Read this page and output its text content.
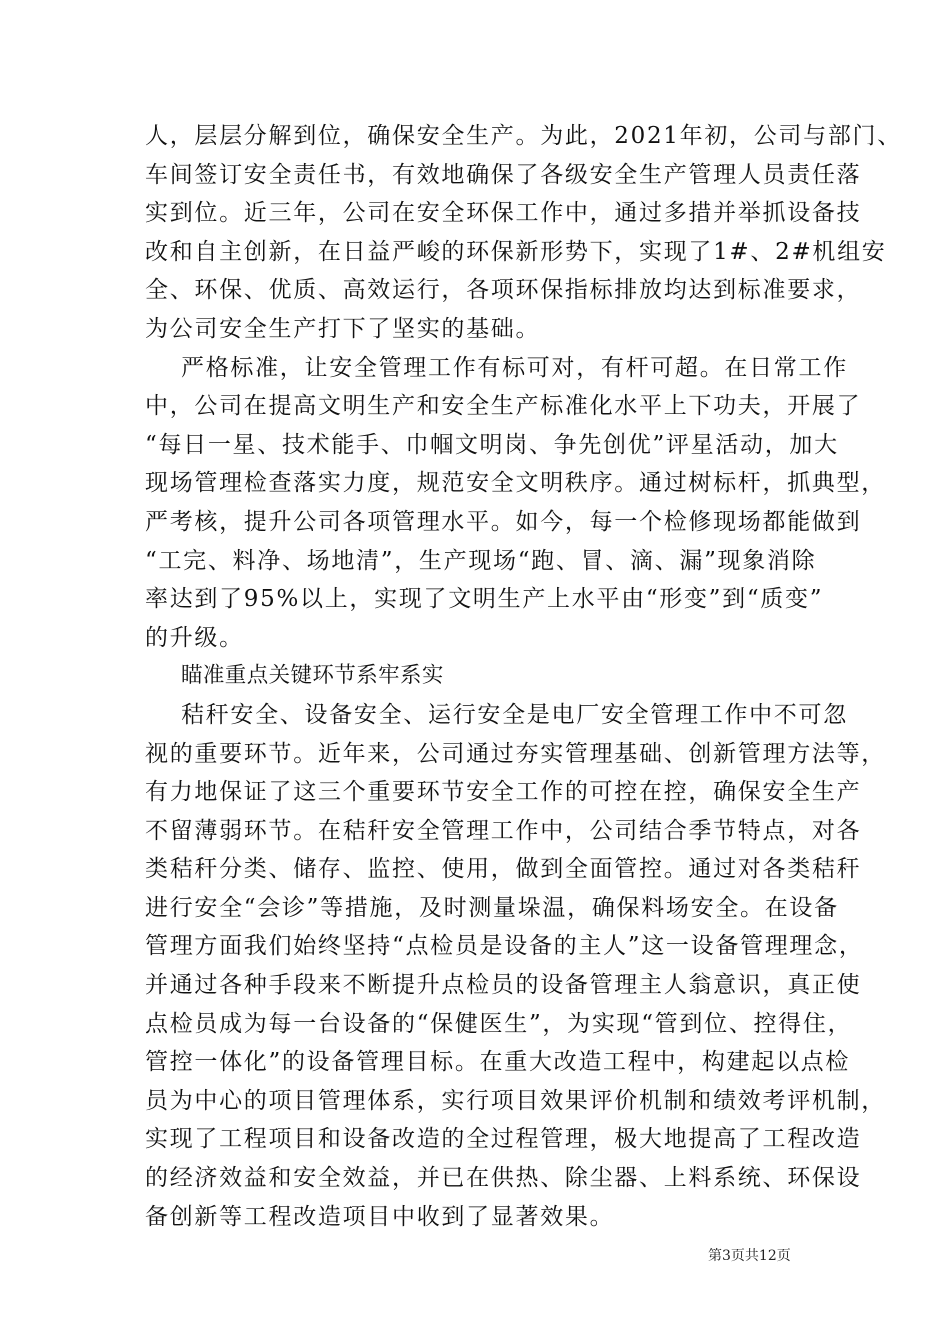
人，层层分解到位，确保安全生产。为此，2021年初，公司与部门、
车间签订安全责任书，有效地确保了各级安全生产管理人员责任落
实到位。近三年，公司在安全环保工作中，通过多措并举抓设备技
改和自主创新，在日益严峻的环保新形势下，实现了1#、2#机组安
全、环保、优质、高效运行，各项环保指标排放均达到标准要求，
为公司安全生产打下了坚实的基础。
严格标准，让安全管理工作有标可对，有杆可超。在日常工作
中，公司在提高文明生产和安全生产标准化水平上下功夫，开展了
“每日一星、技术能手、巾帼文明岗、争先创优”评星活动，加大
现场管理检查落实力度，规范安全文明秩序。通过树标杆，抓典型，
严考核，提升公司各项管理水平。如今，每一个检修现场都能做到
“工完、料净、场地清”，生产现场“跑、冒、滴、漏”现象消除
率达到了95%以上，实现了文明生产上水平由“形变”到“质变”
的升级。
瞄准重点关键环节系牢系实
秸秆安全、设备安全、运行安全是电厂安全管理工作中不可忽
视的重要环节。近年来，公司通过夯实管理基础、创新管理方法等，
有力地保证了这三个重要环节安全工作的可控在控，确保安全生产
不留薄弱环节。在秸秆安全管理工作中，公司结合季节特点，对各
类秸秆分类、储存、监控、使用，做到全面管控。通过对各类秸秆
进行安全“会诊”等措施，及时测量垛温，确保料场安全。在设备
管理方面我们始终坚持“点检员是设备的主人”这一设备管理理念，
并通过各种手段来不断提升点检员的设备管理主人翁意识，真正使
点检员成为每一台设备的“保健医生”，为实现“管到位、控得住，
管控一体化”的设备管理目标。在重大改造工程中，构建起以点检
员为中心的项目管理体系，实行项目效果评价机制和绩效考评机制，
实现了工程项目和设备改造的全过程管理，极大地提高了工程改造
的经济效益和安全效益，并已在供热、除尘器、上料系统、环保设
备创新等工程改造项目中收到了显著效果。
第3页共12页
